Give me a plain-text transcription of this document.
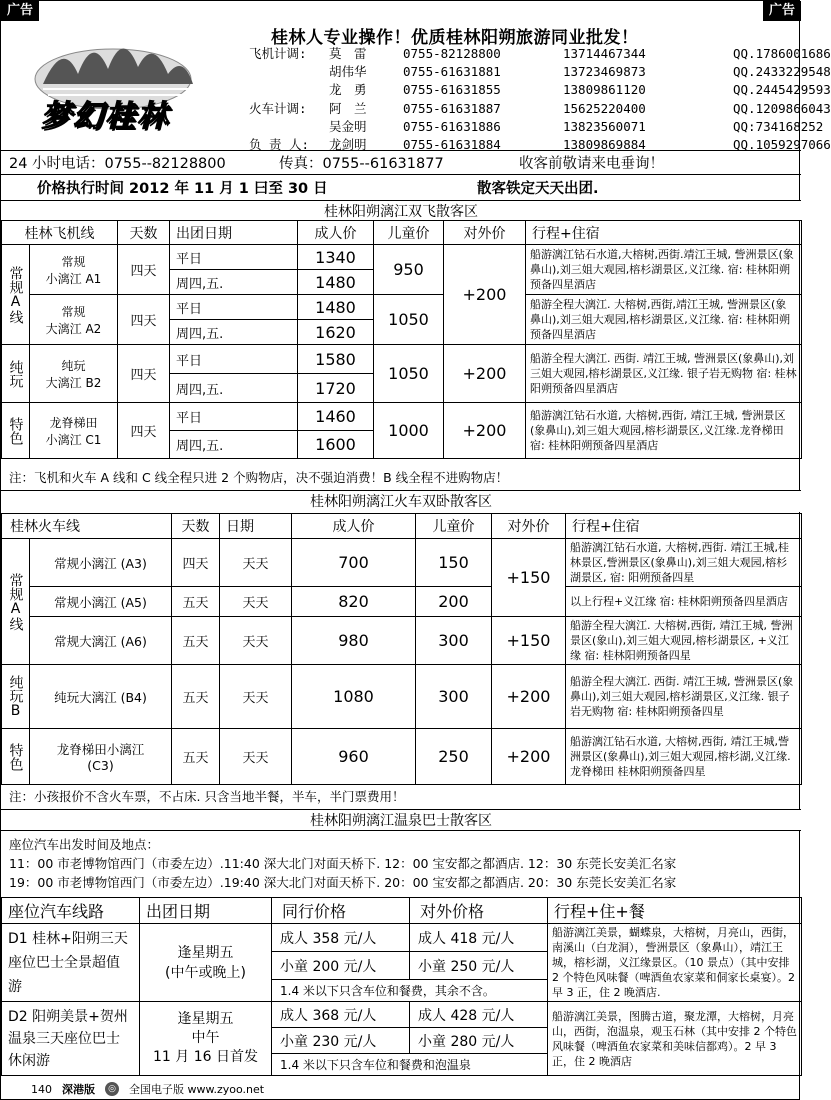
广告	广告
梦幻桂林
桂林人专业操作！优质桂林阳朔旅游同业批发！
飞机计调:	莫　雷	0755-82128800	13714467344	QQ.1786001686
胡伟华	0755-61631881	13723469873	QQ.2433229548
龙　勇	0755-61631855	13809861120	QQ.2445429593
火车计调:	阿　兰	0755-61631887	15625220400	QQ.1209866043
吴金明	0755-61631886	13823560071	QQ:734168252
负 责 人:	龙剑明	0755-61631884	13809869884	QQ.1059297066
24 小时电话：0755--82128800	传真：0755--61631877	收客前敬请来电垂询！
价格执行时间 2012 年 11 月 1 曰至 30 日	散客铁定天天出团.
桂林阳朔漓江双飞散客区
桂林飞机线		天数	出团日期	成人价	儿童价	对外价	行程+住宿
常规A线	常规
小漓江 A1	四天	平日	1340	950	+200	船游漓江钻石水道,大榕树,西街.靖江王城, 訾洲景区(象鼻山),刘三姐大观园,榕杉湖景区,义江缘. 宿: 桂林阳朔预备四星酒店
			周四,五.	1480			
	常规
大漓江 A2	四天	平日	1480	1050		船游全程大漓江. 大榕树,西街,靖江王城, 訾洲景区(象鼻山),刘三姐大观园,榕杉湖景区,义江缘. 宿: 桂林阳朔预备四星酒店
			周四,五.	1620			
纯玩	纯玩
大漓江 B2	四天	平日	1580	1050	+200	船游全程大漓江. 西街. 靖江王城, 訾洲景区(象鼻山),刘三姐大观园,榕杉湖景区,义江缘. 银子岩无购物 宿: 桂林阳朔预备四星酒店
			周四,五.	1720			
特色	龙脊梯田
小漓江 C1	四天	平日	1460	1000	+200	船游漓江钻石水道, 大榕树,西街, 靖江王城, 訾洲景区(象鼻山),刘三姐大观园,榕杉湖景区,义江缘.龙脊梯田 宿: 桂林阳朔预备四星酒店
			周四,五.	1600			
注：飞机和火车 A 线和 C 线全程只进 2 个购物店，决不强迫消费！B 线全程不进购物店！
桂林阳朔漓江火车双卧散客区
桂林火车线		天数	日期	成人价	儿童价	对外价	行程+住宿
常规A线	常规小漓江 (A3)	四天	天天	700	150	+150	船游漓江钻石水道, 大榕树,西街. 靖江王城,桂林景区,訾洲景区(象鼻山),刘三姐大观园,榕杉湖景区, 宿: 阳朔预备四星
	常规小漓江 (A5)	五天	天天	820	200		以上行程+义江缘 宿: 桂林阳朔预备四星酒店
	常规大漓江 (A6)	五天	天天	980	300	+150	船游全程大漓江. 大榕树,西街, 靖江王城, 訾洲景区(象山),刘三姐大观园,榕杉湖景区, +义江缘 宿: 桂林阳朔预备四星
纯玩B	纯玩大漓江 (B4)	五天	天天	1080	300	+200	船游全程大漓江. 西街. 靖江王城, 訾洲景区(象鼻山),刘三姐大观园,榕杉湖景区,义江缘. 银子岩无购物 宿: 桂林阳朔预备四星
特色	龙脊梯田小漓江
(C3)	五天	天天	960	250	+200	船游漓江钻石水道, 大榕树,西街, 靖江王城,訾洲景区(象鼻山),刘三姐大观园,榕杉湖,义江缘. 龙脊梯田 桂林阳朔预备四星
注：小孩报价不含火车票，不占床. 只含当地半餐，半车，半门票费用！
桂林阳朔漓江温泉巴士散客区
座位汽车出发时间及地点：
11：00 市老博物馆西门（市委左边）.11:40 深大北门对面天桥下. 12：00 宝安都之都酒店. 12：30 东莞长安美汇名家
19：00 市老博物馆西门（市委左边）.19:40 深大北门对面天桥下. 20：00 宝安都之都酒店. 20：30 东莞长安美汇名家
座位汽车线路	出团日期	同行价格	对外价格	行程+住+餐
D1 桂林+阳朔三天座位巴士全景超值游	逢星期五
(中午或晚上)	成人 358 元/人	成人 418 元/人	船游漓江美景，蝴蝶泉，大榕树，月亮山，西街，南溪山（白龙洞），訾洲景区（象鼻山），靖江王城，榕杉湖，义江缘景区。（10 景点）（其中安排 2 个特色风味餐（啤酒鱼农家菜和侗家长桌宴）。2 早 3 正，住 2 晚酒店.
		小童 200 元/人	小童 250 元/人	
		1.4 米以下只含车位和餐费，其余不含。		
D2 阳朔美景+贺州温泉三天座位巴士休闲游	逢星期五
中午
11 月 16 日首发	成人 368 元/人	成人 428 元/人	船游漓江美景，图腾古道，聚龙潭，大榕树，月亮山，西街，泡温泉，观玉石林（其中安排 2 个特色风味餐（啤酒鱼农家菜和美味信都鸡）。2 早 3 正，住 2 晚酒店
		小童 230 元/人	小童 280 元/人	
		1.4 米以下只含车位和餐费和泡温泉		
140 深港版	◎ 全国电子版 www.zyoo.net
